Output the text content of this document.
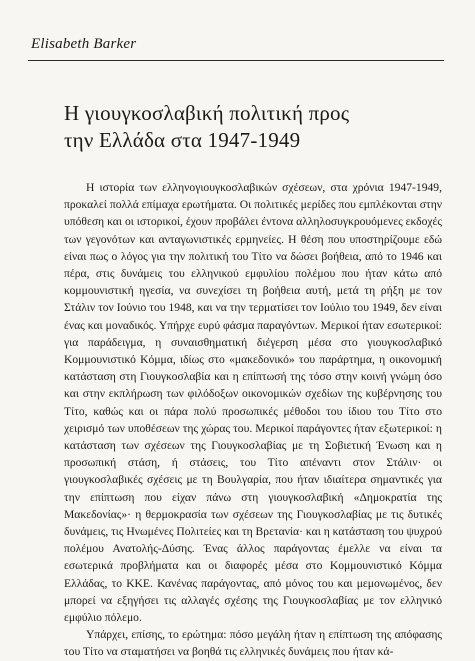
Elisabeth Barker
Η γιουγκοσλαβική πολιτική προς
την Ελλάδα στα 1947-1949

Η ιστορία των ελληνογιουγκοσλαβικών σχέσεων, στα χρόνια 1947-1949, προκαλεί πολλά επίμαχα ερωτήματα. Οι πολιτικές μερίδες που εμπλέκονται στην υπόθεση και οι ιστορικοί, έχουν προβάλει έντονα αλληλοσυγκρουόμενες εκδοχές των γεγονότων και ανταγωνιστικές ερμηνείες. Η θέση που υποστηρίζουμε εδώ είναι πως ο λόγος για την πολιτική του Τίτο να δώσει βοήθεια, από το 1946 και πέρα, στις δυνάμεις του ελληνικού εμφυλίου πολέμου που ήταν κάτω από κομμουνιστική ηγεσία, να συνεχίσει τη βοήθεια αυτή, μετά τη ρήξη με τον Στάλιν τον Ιούνιο του 1948, και να την τερματίσει τον Ιούλιο του 1949, δεν είναι ένας και μοναδικός. Υπήρχε ευρύ φάσμα παραγόντων. Μερικοί ήταν εσωτερικοί: για παράδειγμα, η συναισθηματική διέγερση μέσα στο γιουγκοσλαβικό Κομμουνιστικό Κόμμα, ιδίως στο «μακεδονικό» του παράρτημα, η οικονομική κατάσταση στη Γιουγκοσλαβία και η επίπτωσή της τόσο στην κοινή γνώμη όσο και στην εκπλήρωση των φιλόδοξων οικονομικών σχεδίων της κυβέρνησης του Τίτο, καθώς και οι πάρα πολύ προσωπικές μέθοδοι του ίδιου του Τίτο στο χειρισμό των υποθέσεων της χώρας του. Μερικοί παράγοντες ήταν εξωτερικοί: η κατάσταση των σχέσεων της Γιουγκοσλαβίας με τη Σοβιετική Ένωση και η προσωπική στάση, ή στάσεις, του Τίτο απέναντι στον Στάλιν· οι γιουγκοσλαβικές σχέσεις με τη Βουλγαρία, που ήταν ιδιαίτερα σημαντικές για την επίπτωση που είχαν πάνω στη γιουγκοσλαβική «Δημοκρατία της Μακεδονίας»· η θερμοκρασία των σχέσεων της Γιουγκοσλαβίας με τις δυτικές δυνάμεις, τις Ηνωμένες Πολιτείες και τη Βρετανία· και η κατάσταση του ψυχρού πολέμου Ανατολής-Δύσης. Ένας άλλος παράγοντας έμελλε να είναι τα εσωτερικά προβλήματα και οι διαφορές μέσα στο Κομμουνιστικό Κόμμα Ελλάδας, το ΚΚΕ. Κανένας παράγοντας, από μόνος του και μεμονωμένος, δεν μπορεί να εξηγήσει τις αλλαγές σχέσης της Γιουγκοσλαβίας με τον ελληνικό εμφύλιο πόλεμο.

Υπάρχει, επίσης, το ερώτημα: πόσο μεγάλη ήταν η επίπτωση της απόφασης του Τίτο να σταματήσει να βοηθά τις ελληνικές δυνάμεις που ήταν κά-
